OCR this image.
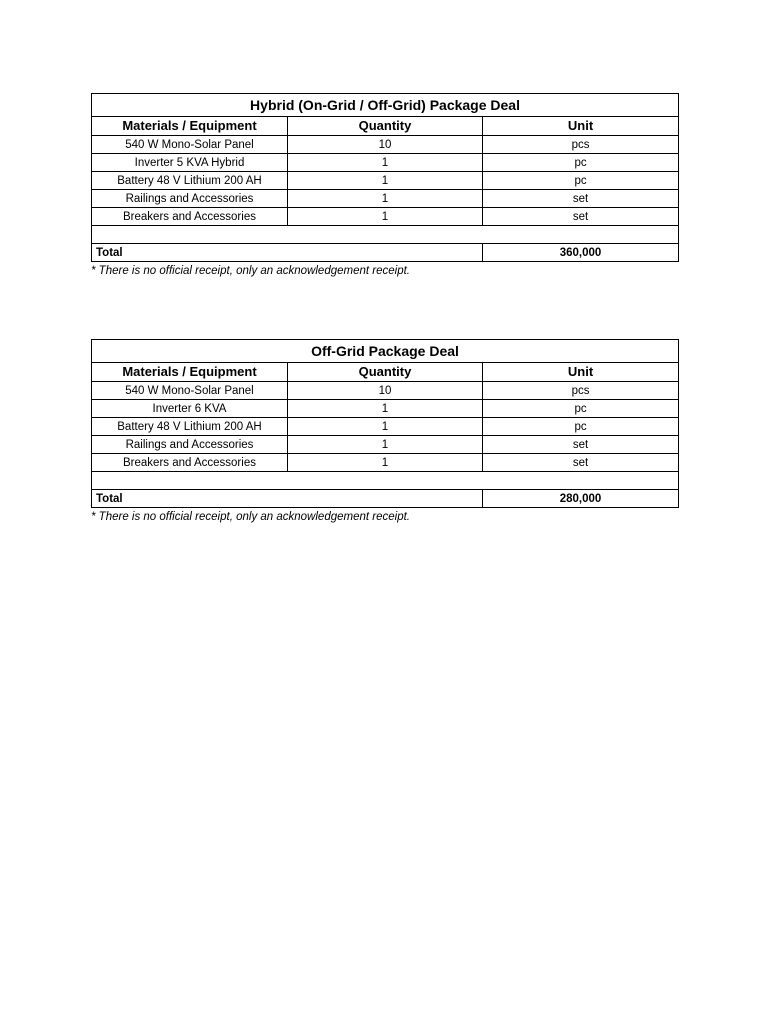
Hybrid (On-Grid / Off-Grid) Package Deal		
Materials / Equipment	Quantity	Unit
540 W Mono-Solar Panel	10	pcs
Inverter 5 KVA Hybrid	1	pc
Battery 48 V Lithium 200 AH	1	pc
Railings and Accessories	1	set
Breakers and Accessories	1	set

Total		360,000
* There is no official receipt, only an acknowledgement receipt.
Off-Grid Package Deal		
Materials / Equipment	Quantity	Unit
540 W Mono-Solar Panel	10	pcs
Inverter 6 KVA	1	pc
Battery 48 V Lithium 200 AH	1	pc
Railings and Accessories	1	set
Breakers and Accessories	1	set

Total		280,000
* There is no official receipt, only an acknowledgement receipt.
